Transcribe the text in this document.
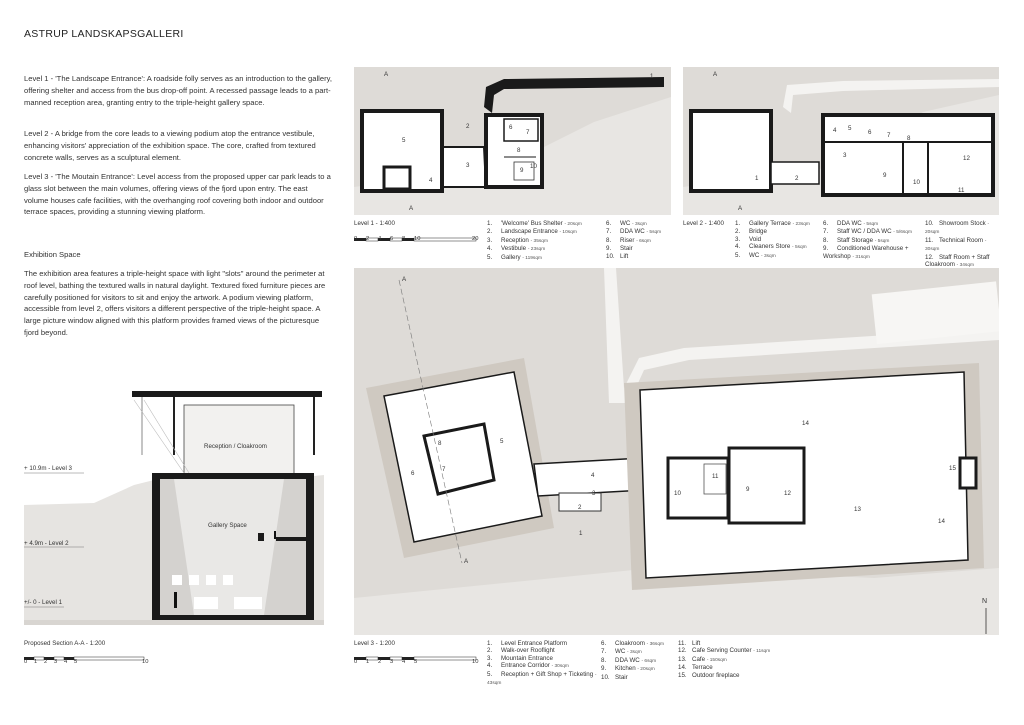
ASTRUP LANDSKAPSGALLERI

Level 1 - 'The Landscape Entrance': A roadside folly serves as an introduction to the gallery, offering shelter and access from the bus drop-off point. A recessed passage leads to a part-manned reception area, granting entry to the triple-height gallery space.

Level 2 - A bridge from the core leads to a viewing podium atop the entrance vestibule, enhancing visitors' appreciation of the exhibition space. The core, crafted from textured concrete walls, serves as a sculptural element.

Level 3 - 'The Moutain Entrance': Level access from the proposed upper car park leads to a glass slot between the main volumes, offering views of the fjord upon entry. The east volume houses cafe facilities, with the overhanging roof covering both indoor and outdoor terrace spaces, providing a stunning viewing platform.

Exhibition Space

The exhibition area features a triple-height space with light "slots" around the perimeter at roof level, bathing the textured walls in natural daylight. Textured fixed furniture pieces are carefully positioned for visitors to sit and enjoy the artwork. A podium viewing platform, accessible from level 2, offers visitors a different perspective of the triple-height space. A large picture window aligned with this platform provides framed views of the picturesque fjord beyond.

Reception / Cloakroom
Gallery Space
+ 10.9m - Level 3
+ 4.9m - Level 2
+/- 0 - Level 1
Proposed Section A-A - 1:200
0 1 2 3 4 5	10
5
4
3
2
1
6
7
8
9
10
A
A
Level 1 - 1:400
0 2 4 6 8 10	20
1. 'Welcome' Bus Shelter - 20sqm
2. Landscape Entrance - 10sqm
3. Reception - 35sqm
4. Vestibule - 23sqm
5. Gallery - 119sqm
6. WC - 3sqm
7. DDA WC - 5sqm
8. Riser - 6sqm
9. Stair
10. Lift
1	2
3
4 5
6	7	8
9
10
11
12
A
A
Level 2 - 1:400 1. Gallery Terrace - 23sqm
2. Bridge
3. Void
4. Cleaners Store - 5sqm
5. WC - 3sqm
6. DDA WC - 5sqm
7. Staff WC / DDA WC - 5/6sqm
8. Staff Storage - 5sqm
9. Conditioned Warehouse + Workshop - 31sqm
10. Showroom Stock - 20sqm
11. Technical Room - 30sqm
12. Staff Room + Staff Cloakroom - 34sqm
1
2
3
4
5
6
7
8
9
10
11
12
13
14
14
15
A
A
N
Level 3 - 1:200
0 1 2 3 4 5	10
1. Level Entrance Platform
2. Walk-over Rooflight
3. Mountain Entrance
4. Entrance Corridor - 30sqm
5. Reception + Gift Shop + Ticketing - 43sqm
6. Cloakroom - 36sqm
7. WC - 3sqm
8. DDA WC - 6sqm
9. Kitchen - 20sqm
10. Stair
11. Lift
12. Cafe Serving Counter - 11sqm
13. Cafe - 150sqm
14. Terrace
15. Outdoor fireplace
